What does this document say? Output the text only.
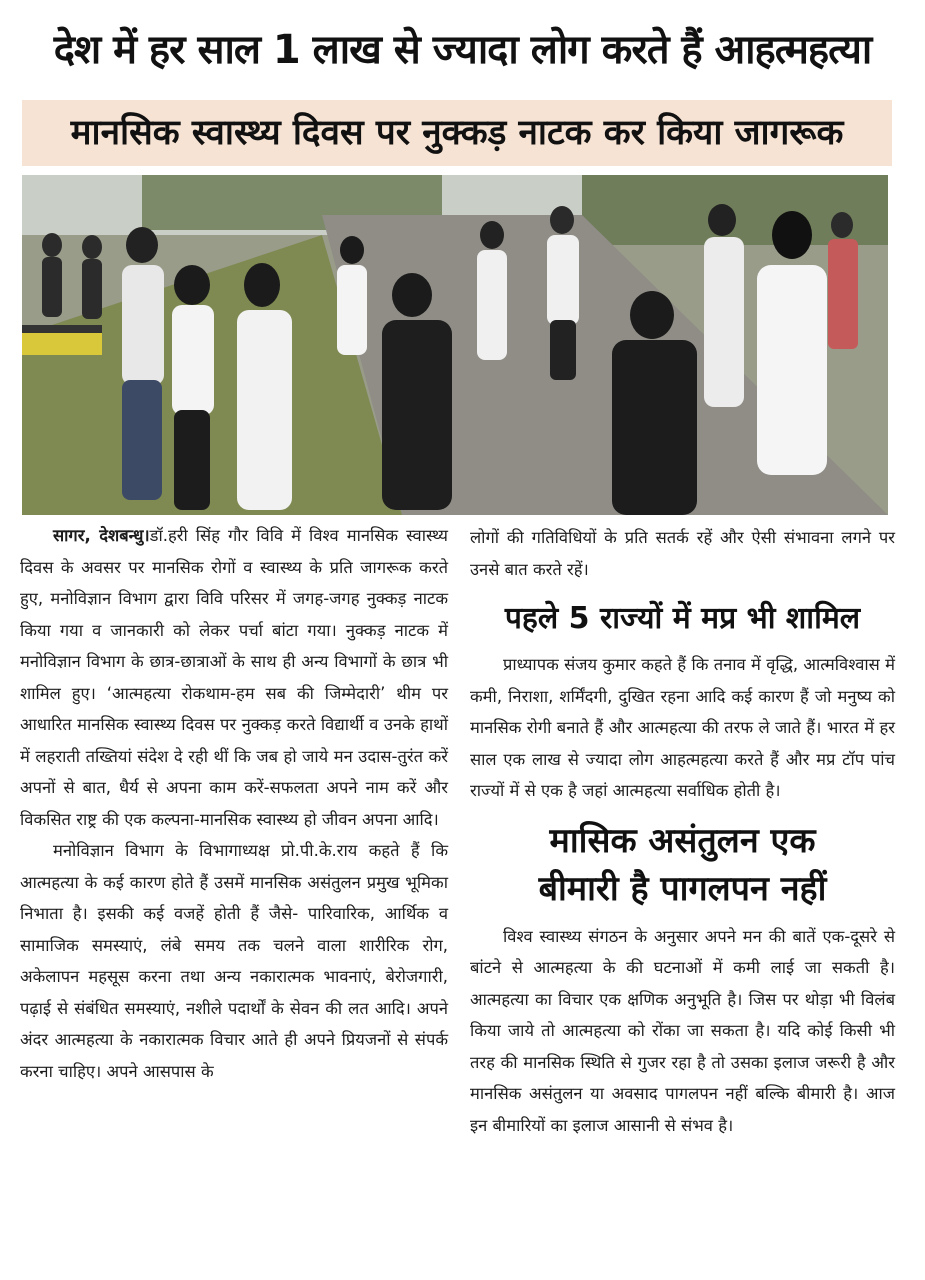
देश में हर साल 1 लाख से ज्यादा लोग करते हैं आहत्महत्या
मानसिक स्वास्थ्य दिवस पर नुक्कड़ नाटक कर किया जागरूक

सागर, देशबन्धु।डॉ.हरी सिंह गौर विवि में विश्व मानसिक स्वास्थ्य दिवस के अवसर पर मानसिक रोगों व स्वास्थ्य के प्रति जागरूक करते हुए, मनोविज्ञान विभाग द्वारा विवि परिसर में जगह-जगह नुक्कड़ नाटक किया गया व जानकारी को लेकर पर्चा बांटा गया। नुक्कड़ नाटक में मनोविज्ञान विभाग के छात्र-छात्राओं के साथ ही अन्य विभागों के छात्र भी शामिल हुए। ‘आत्महत्या रोकथाम-हम सब की जिम्मेदारी’ थीम पर आधारित मानसिक स्वास्थ्य दिवस पर नुक्कड़ करते विद्यार्थी व उनके हाथों में लहराती तख्तियां संदेश दे रही थीं कि जब हो जाये मन उदास-तुरंत करें अपनों से बात, धैर्य से अपना काम करें-सफलता अपने नाम करें और विकसित राष्ट्र की एक कल्पना-मानसिक स्वास्थ्य हो जीवन अपना आदि।

मनोविज्ञान विभाग के विभागाध्यक्ष प्रो.पी.के.राय कहते हैं कि आत्महत्या के कई कारण होते हैं उसमें मानसिक असंतुलन प्रमुख भूमिका निभाता है। इसकी कई वजहें होती हैं जैसे- पारिवारिक, आर्थिक व सामाजिक समस्याएं, लंबे समय तक चलने वाला शारीरिक रोग, अकेलापन महसूस करना तथा अन्य नकारात्मक भावनाएं, बेरोजगारी, पढ़ाई से संबंधित समस्याएं, नशीले पदार्थों के सेवन की लत आदि। अपने अंदर आत्महत्या के नकारात्मक विचार आते ही अपने प्रियजनों से संपर्क करना चाहिए। अपने आसपास के

लोगों की गतिविधियों के प्रति सतर्क रहें और ऐसी संभावना लगने पर उनसे बात करते रहें।

पहले 5 राज्यों में मप्र भी शामिल

प्राध्यापक संजय कुमार कहते हैं कि तनाव में वृद्धि, आत्मविश्वास में कमी, निराशा, शर्मिंदगी, दुखित रहना आदि कई कारण हैं जो मनुष्य को मानसिक रोगी बनाते हैं और आत्महत्या की तरफ ले जाते हैं। भारत में हर साल एक लाख से ज्यादा लोग आहत्महत्या करते हैं और मप्र टॉप पांच राज्यों में से एक है जहां आत्महत्या सर्वाधिक होती है।

मासिक असंतुलन एक
बीमारी है पागलपन नहीं

विश्व स्वास्थ्य संगठन के अनुसार अपने मन की बातें एक-दूसरे से बांटने से आत्महत्या के की घटनाओं में कमी लाई जा सकती है। आत्महत्या का विचार एक क्षणिक अनुभूति है। जिस पर थोड़ा भी विलंब किया जाये तो आत्महत्या को रोंका जा सकता है। यदि कोई किसी भी तरह की मानसिक स्थिति से गुजर रहा है तो उसका इलाज जरूरी है और मानसिक असंतुलन या अवसाद पागलपन नहीं बल्कि बीमारी है। आज इन बीमारियों का इलाज आसानी से संभव है।
